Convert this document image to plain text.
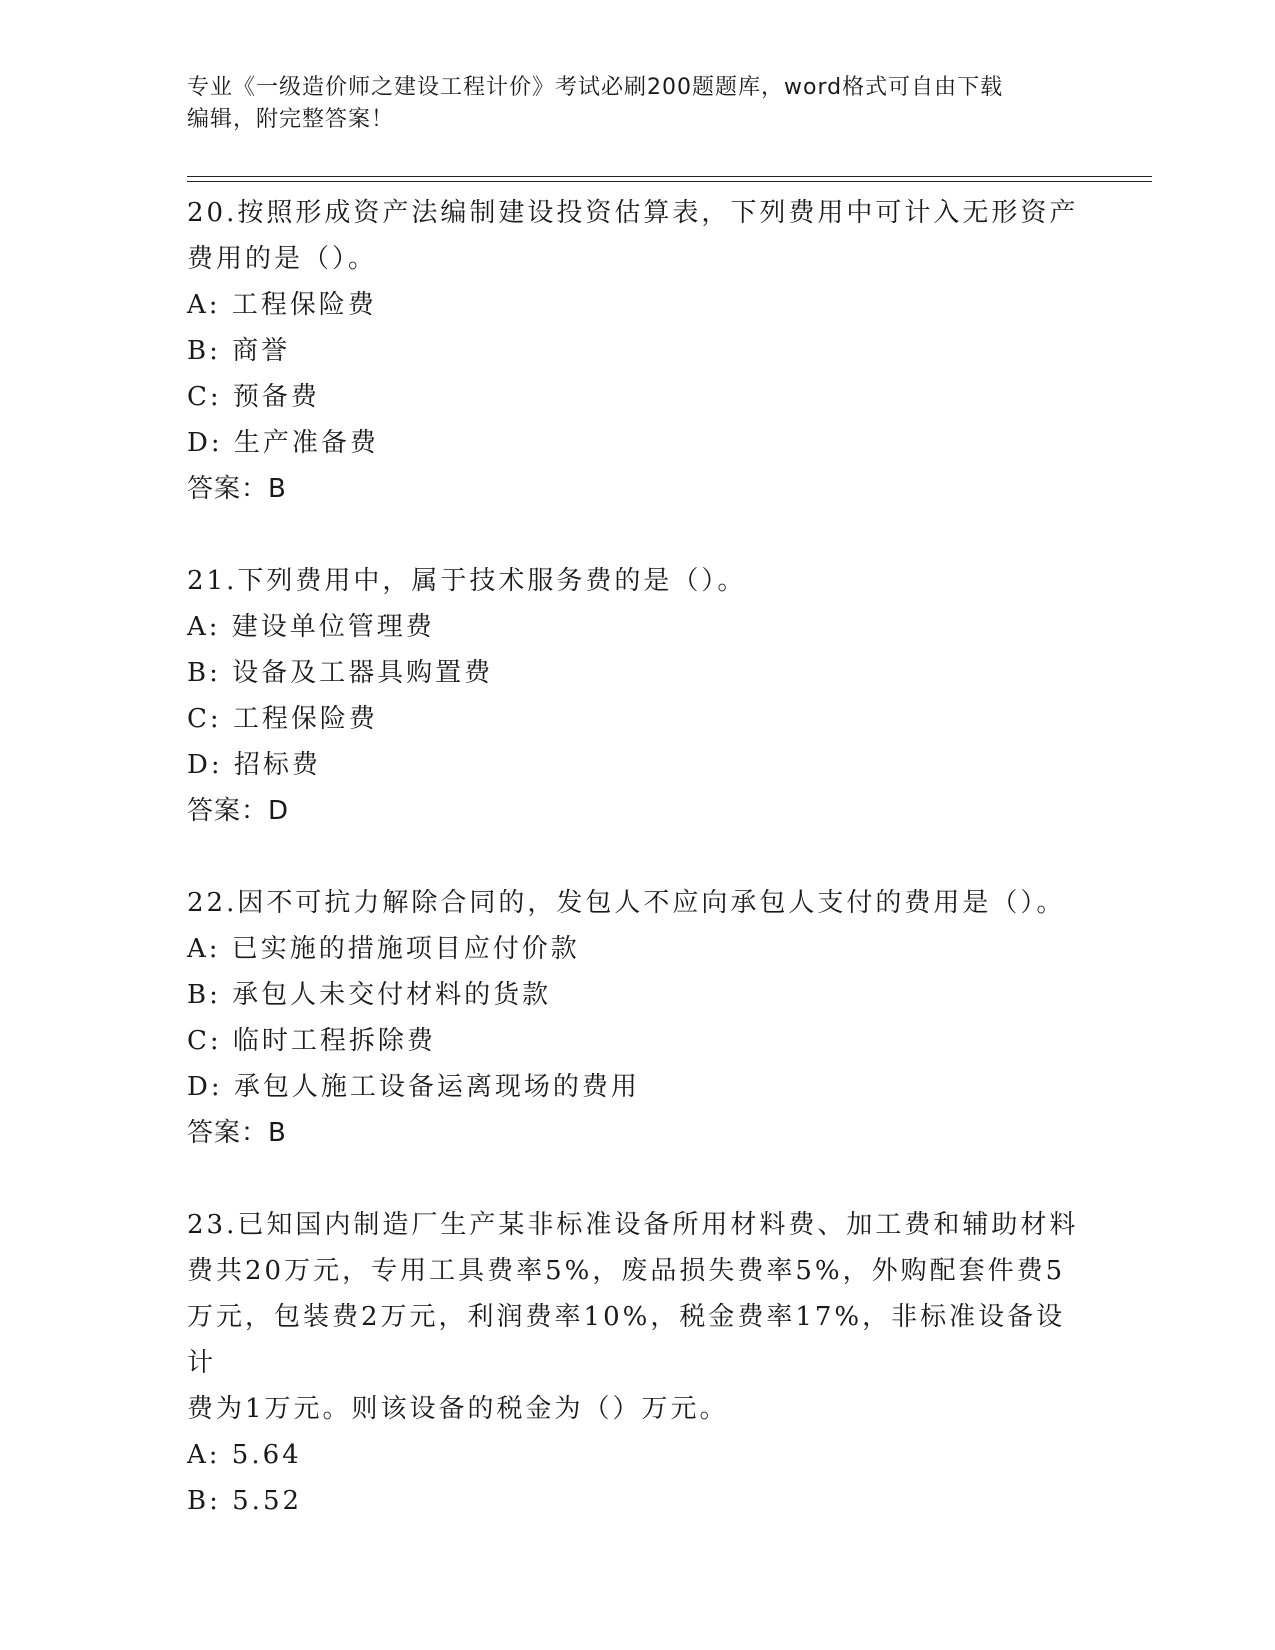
专业《一级造价师之建设工程计价》考试必刷200题题库，word格式可自由下载
编辑，附完整答案！
20.按照形成资产法编制建设投资估算表，下列费用中可计入无形资产
费用的是（）。
A: 工程保险费
B: 商誉
C: 预备费
D: 生产准备费
答案：B
21.下列费用中，属于技术服务费的是（）。
A: 建设单位管理费
B: 设备及工器具购置费
C: 工程保险费
D: 招标费
答案：D
22.因不可抗力解除合同的，发包人不应向承包人支付的费用是（）。
A: 已实施的措施项目应付价款
B: 承包人未交付材料的货款
C: 临时工程拆除费
D: 承包人施工设备运离现场的费用
答案：B
23.已知国内制造厂生产某非标准设备所用材料费、加工费和辅助材料
费共20万元，专用工具费率5%，废品损失费率5%，外购配套件费5
万元，包装费2万元，利润费率10%，税金费率17%，非标准设备设计
费为1万元。则该设备的税金为（）万元。
A: 5.64
B: 5.52
